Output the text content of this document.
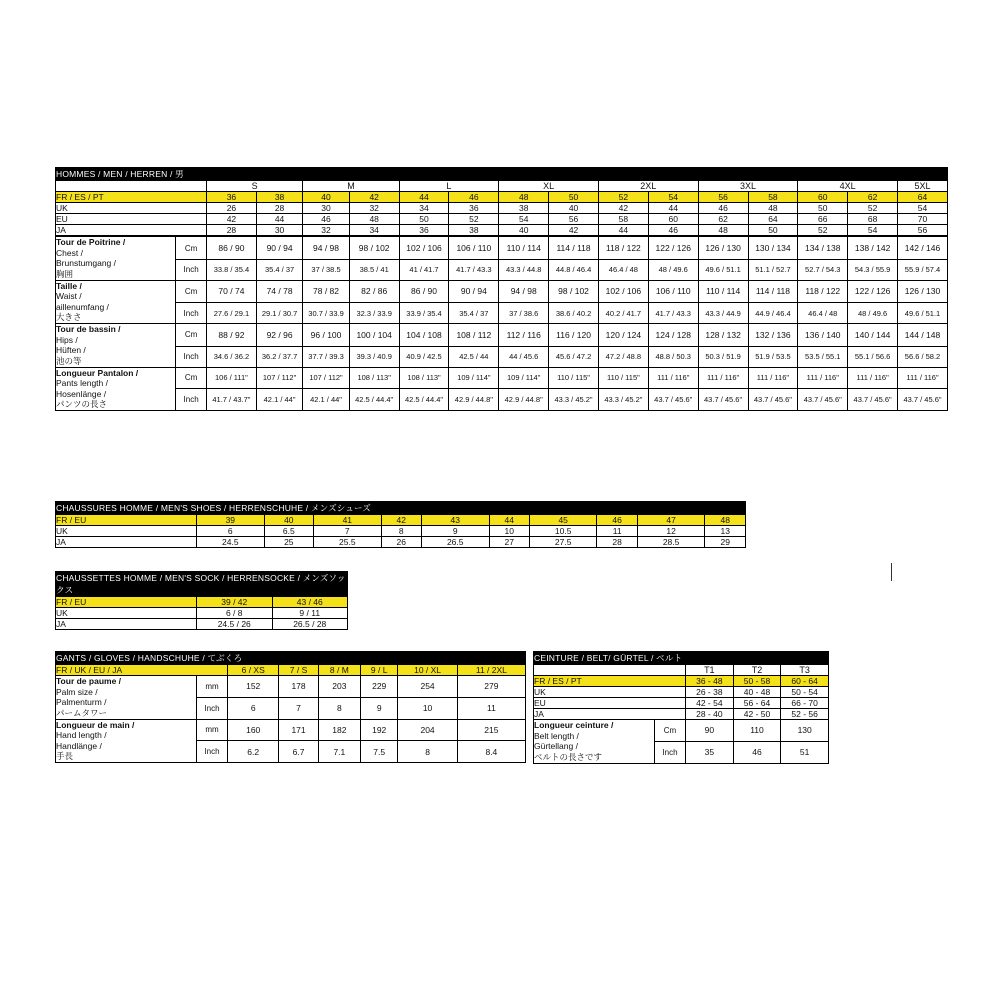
HOMMES / MEN / HERREN / 男																
		S		M		L		XL		2XL		3XL		4XL		5XL
FR / ES / PT		36	38	40	42	44	46	48	50	52	54	56	58	60	62	64
UK		26	28	30	32	34	36	38	40	42	44	46	48	50	52	54
EU		42	44	46	48	50	52	54	56	58	60	62	64	66	68	70
JA		28	30	32	34	36	38	40	42	44	46	48	50	52	54	56
Tour de Poitrine /
Chest /
Brunstumgang /
胸囲	Cm	86 / 90	90 / 94	94 / 98	98 / 102	102 / 106	106 / 110	110 / 114	114 / 118	118 / 122	122 / 126	126 / 130	130 / 134	134 / 138	138 / 142	142 / 146
	Inch	33.8 / 35.4	35.4 / 37	37 / 38.5	38.5 / 41	41 / 41.7	41.7 / 43.3	43.3 / 44.8	44.8 / 46.4	46.4 / 48	48 / 49.6	49.6 / 51.1	51.1 / 52.7	52.7 / 54.3	54.3 / 55.9	55.9 / 57.4
Taille /
Waist /
aillenumfang /
大きさ	Cm	70 / 74	74 / 78	78 / 82	82 / 86	86 / 90	90 / 94	94 / 98	98 / 102	102 / 106	106 / 110	110 / 114	114 / 118	118 / 122	122 / 126	126 / 130
	Inch	27.6 / 29.1	29.1 / 30.7	30.7 / 33.9	32.3 / 33.9	33.9 / 35.4	35.4 / 37	37 / 38.6	38.6 / 40.2	40.2 / 41.7	41.7 / 43.3	43.3 / 44.9	44.9 / 46.4	46.4 / 48	48 / 49.6	49.6 / 51.1
Tour de bassin /
Hips /
Hüften /
池の等	Cm	88 / 92	92 / 96	96 / 100	100 / 104	104 / 108	108 / 112	112 / 116	116 / 120	120 / 124	124 / 128	128 / 132	132 / 136	136 / 140	140 / 144	144 / 148
	Inch	34.6 / 36.2	36.2 / 37.7	37.7 / 39.3	39.3 / 40.9	40.9 / 42.5	42.5 / 44	44 / 45.6	45.6 / 47.2	47.2 / 48.8	48.8 / 50.3	50.3 / 51.9	51.9 / 53.5	53.5 / 55.1	55.1 / 56.6	56.6 / 58.2
Longueur Pantalon /
Pants length /
Hosenlänge /
パンツの長さ	Cm	106 / 111"	107 / 112"	107 / 112"	108 / 113"	108 / 113"	109 / 114"	109 / 114"	110 / 115"	110 / 115"	111 / 116"	111 / 116"	111 / 116"	111 / 116"	111 / 116"	111 / 116"
	Inch	41.7 / 43.7"	42.1 / 44"	42.1 / 44"	42.5 / 44.4"	42.5 / 44.4"	42.9 / 44.8"	42.9 / 44.8"	43.3 / 45.2"	43.3 / 45.2"	43.7 / 45.6"	43.7 / 45.6"	43.7 / 45.6"	43.7 / 45.6"	43.7 / 45.6"	43.7 / 45.6"
CHAUSSURES HOMME / MEN'S SHOES / HERRENSCHUHE / メンズシューズ										
FR / EU	39	40	41	42	43	44	45	46	47	48
UK	6	6.5	7	8	9	10	10.5	11	12	13
JA	24.5	25	25.5	26	26.5	27	27.5	28	28.5	29
CHAUSSETTES HOMME / MEN'S SOCK / HERRENSOCKE / メンズソックス		
FR / EU	39 / 42	43 / 46
UK	6 / 8	9 / 11
JA	24.5 / 26	26.5 / 28
GANTS / GLOVES / HANDSCHUHE / てぶくろ							
FR / UK / EU / JA		6 / XS	7 / S	8 / M	9 / L	10 / XL	11 / 2XL
Tour de paume /
Palm size /
Palmenturm /
パームタワー	mm	152	178	203	229	254	279
	Inch	6	7	8	9	10	11
Longueur de main /
Hand length /
Handlänge /
手長	mm	160	171	182	192	204	215
	Inch	6.2	6.7	7.1	7.5	8	8.4
CEINTURE / BELT/ GÜRTEL / ベルト				
		T1	T2	T3
FR / ES / PT		36 - 48	50 - 58	60 - 64
UK		26 - 38	40 - 48	50 - 54
EU		42 - 54	56 - 64	66 - 70
JA		28 - 40	42 - 50	52 - 56
Longueur ceinture /
Belt length /
Gürtellang /
ベルトの長さです	Cm	90	110	130
	Inch	35	46	51
